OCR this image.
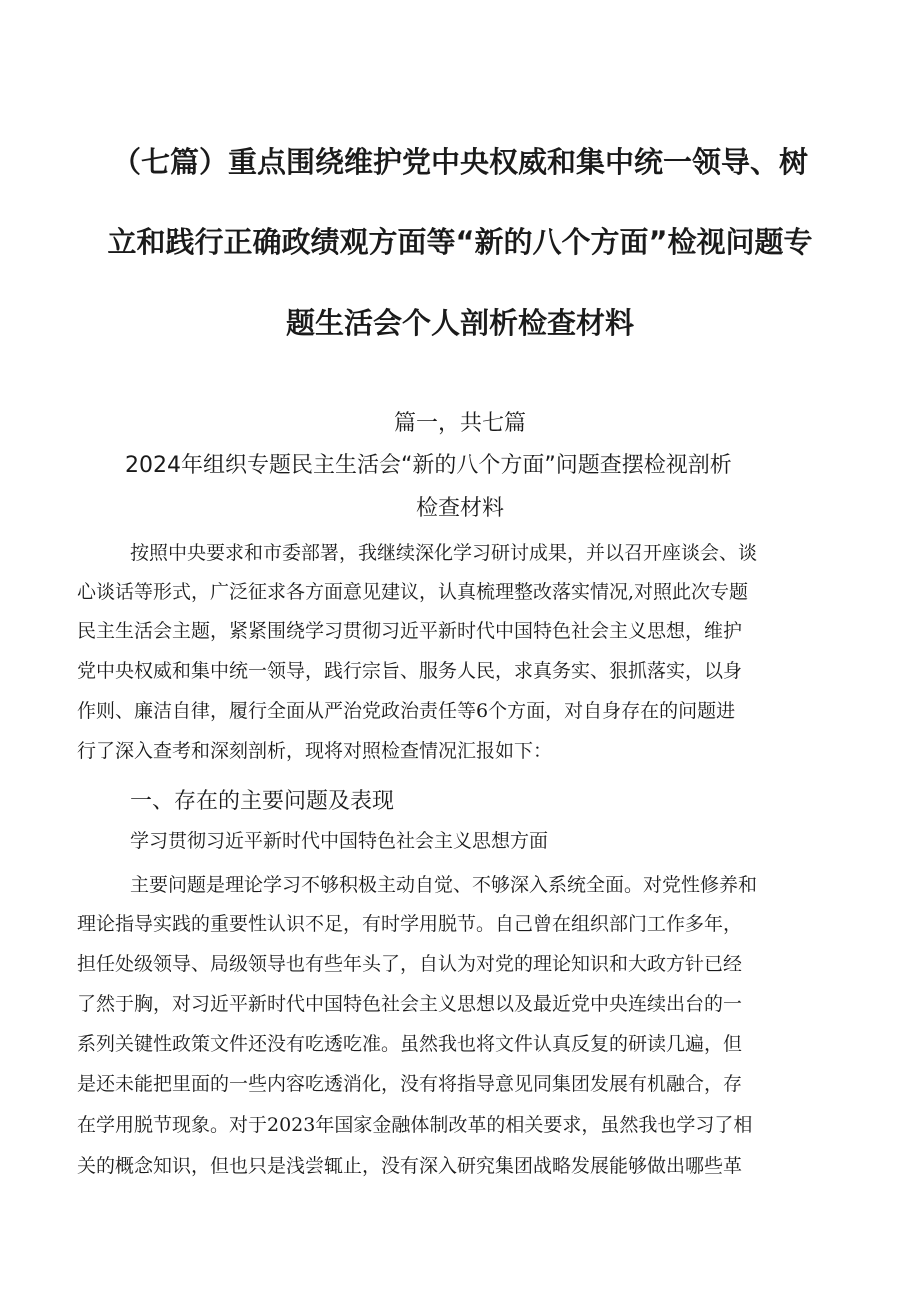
（七篇）重点围绕维护党中央权威和集中统一领导、树
立和践行正确政绩观方面等“新的八个方面”检视问题专
题生活会个人剖析检查材料
篇一，共七篇
2024年组织专题民主生活会“新的八个方面”问题查摆检视剖析
检查材料
按照中央要求和市委部署，我继续深化学习研讨成果，并以召开座谈会、谈
心谈话等形式，广泛征求各方面意见建议，认真梳理整改落实情况,对照此次专题
民主生活会主题，紧紧围绕学习贯彻习近平新时代中国特色社会主义思想，维护
党中央权威和集中统一领导，践行宗旨、服务人民，求真务实、狠抓落实，以身
作则、廉洁自律，履行全面从严治党政治责任等6个方面，对自身存在的问题进
行了深入查考和深刻剖析，现将对照检查情况汇报如下：
一、存在的主要问题及表现
学习贯彻习近平新时代中国特色社会主义思想方面
主要问题是理论学习不够积极主动自觉、不够深入系统全面。对党性修养和
理论指导实践的重要性认识不足，有时学用脱节。自己曾在组织部门工作多年，
担任处级领导、局级领导也有些年头了，自认为对党的理论知识和大政方针已经
了然于胸，对习近平新时代中国特色社会主义思想以及最近党中央连续出台的一
系列关键性政策文件还没有吃透吃准。虽然我也将文件认真反复的研读几遍，但
是还未能把里面的一些内容吃透消化，没有将指导意见同集团发展有机融合，存
在学用脱节现象。对于2023年国家金融体制改革的相关要求，虽然我也学习了相
关的概念知识，但也只是浅尝辄止，没有深入研究集团战略发展能够做出哪些革
